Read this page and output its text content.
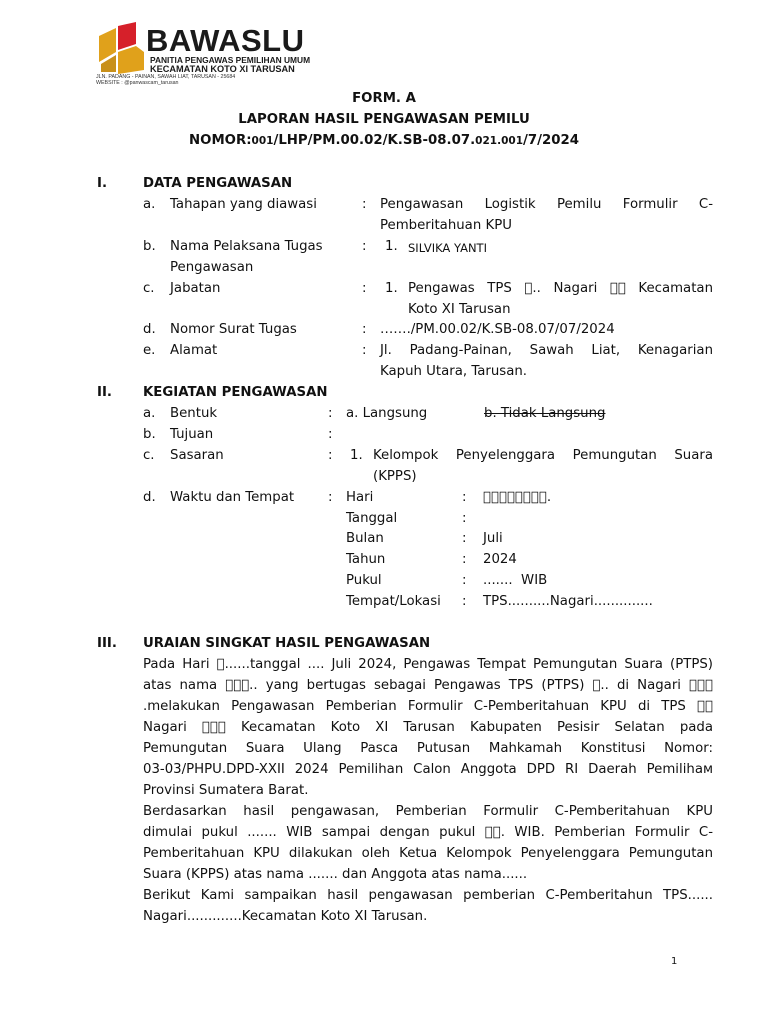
BAWASLU
PANITIA PENGAWAS PEMILIHAN UMUM
KECAMATAN KOTO XI TARUSAN
JLN. PADANG - PAINAN, SAWAH LIAT, TARUSAN - 25684
WEBSITE : @panwascam_tarusan
FORM. A
LAPORAN HASIL PENGAWASAN PEMILU
NOMOR:001/LHP/PM.00.02/K.SB-08.07.021.001/7/2024
I.	DATA PENGAWASAN
a. Tahapan yang diawasi	: Pengawasan Logistik Pemilu Formulir C-
Pemberitahuan KPU
b. Nama Pelaksana Tugas
Pengawasan
: 1. SILVIKA YANTI
c. Jabatan	: 1. Pengawas TPS  .. Nagari    Kecamatan
Koto XI Tarusan
d. Nomor Surat Tugas	: ……./PM.00.02/K.SB-08.07/07/2024
e. Alamat	: Jl. Padang-Painan, Sawah Liat, Kenagarian
Kapuh Utara, Tarusan.
II. KEGIATAN PENGAWASAN
a. Bentuk	: a. Langsung	b. Tidak Langsung
b. Tujuan	:
c. Sasaran	: 1. Kelompok Penyelenggara Pemungutan Suara
(KPPS)
d. Waktu dan Tempat	: Hari	:         .
Tanggal	:
Bulan	: Juli
Tahun	: 2024
Pukul	: .......  WIB
Tempat/Lokasi : TPS..........Nagari..............
III. URAIAN SINGKAT HASIL PENGAWASAN
Pada Hari  ......tanggal .... Juli 2024, Pengawas Tempat Pemungutan Suara (PTPS)
atas nama    .. yang bertugas sebagai Pengawas TPS (PTPS)  .. di Nagari    
.melakukan Pengawasan Pemberian Formulir C-Pemberitahuan KPU di TPS   
Nagari     Kecamatan Koto XI Tarusan Kabupaten Pesisir Selatan pada
Pemungutan Suara Ulang Pasca Putusan Mahkamah Konstitusi Nomor:
03-03/PHPU.DPD-XXII 2024 Pemilihan Calon Anggota DPD RI Daerah Pemilihaм
Provinsi Sumatera Barat.
Berdasarkan hasil pengawasan, Pemberian Formulir C-Pemberitahuan KPU
dimulai pukul ....... WIB sampai dengan pukul   . WIB. Pemberian Formulir C-
Pemberitahuan KPU dilakukan oleh Ketua Kelompok Penyelenggara Pemungutan
Suara (KPPS) atas nama ....... dan Anggota atas nama......
Berikut Kami sampaikan hasil pengawasan pemberian C-Pemberitahun TPS......
Nagari.............Kecamatan Koto XI Tarusan.
1
